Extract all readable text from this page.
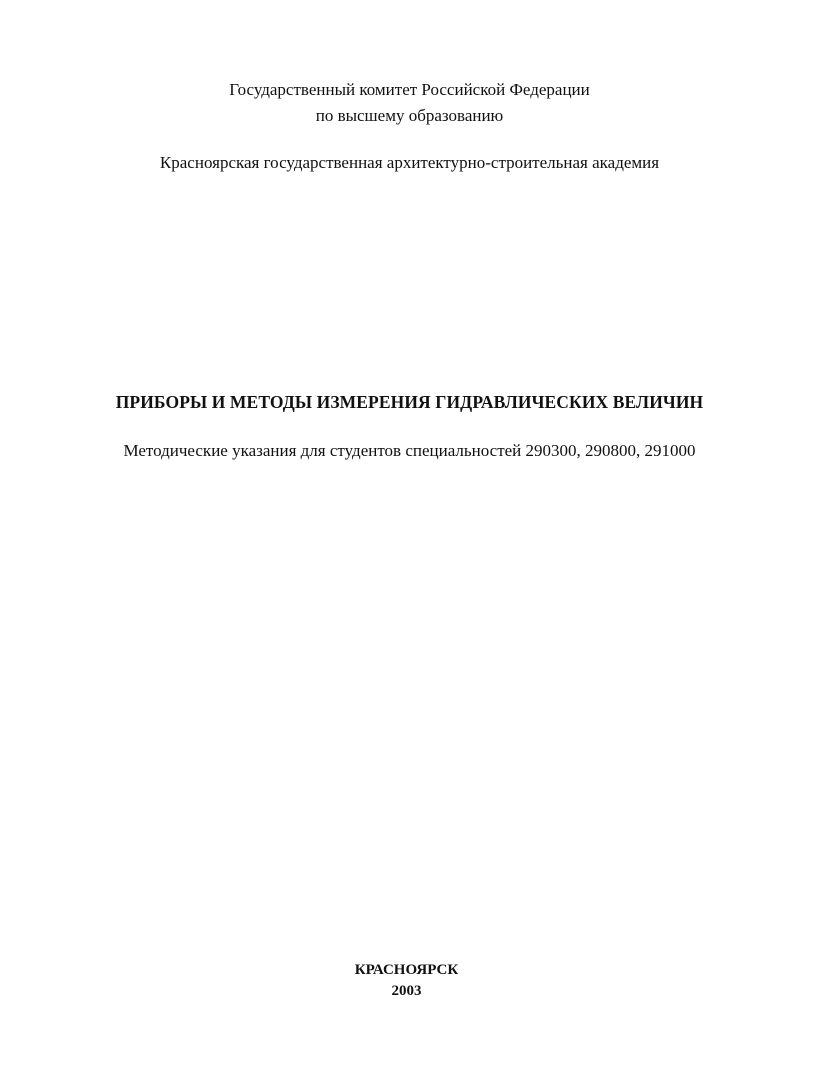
Государственный комитет Российской Федерации
по высшему образованию
Красноярская государственная архитектурно-строительная академия
ПРИБОРЫ И МЕТОДЫ ИЗМЕРЕНИЯ ГИДРАВЛИЧЕСКИХ ВЕЛИЧИН
Методические указания для студентов специальностей 290300, 290800, 291000
КРАСНОЯРСК
2003
